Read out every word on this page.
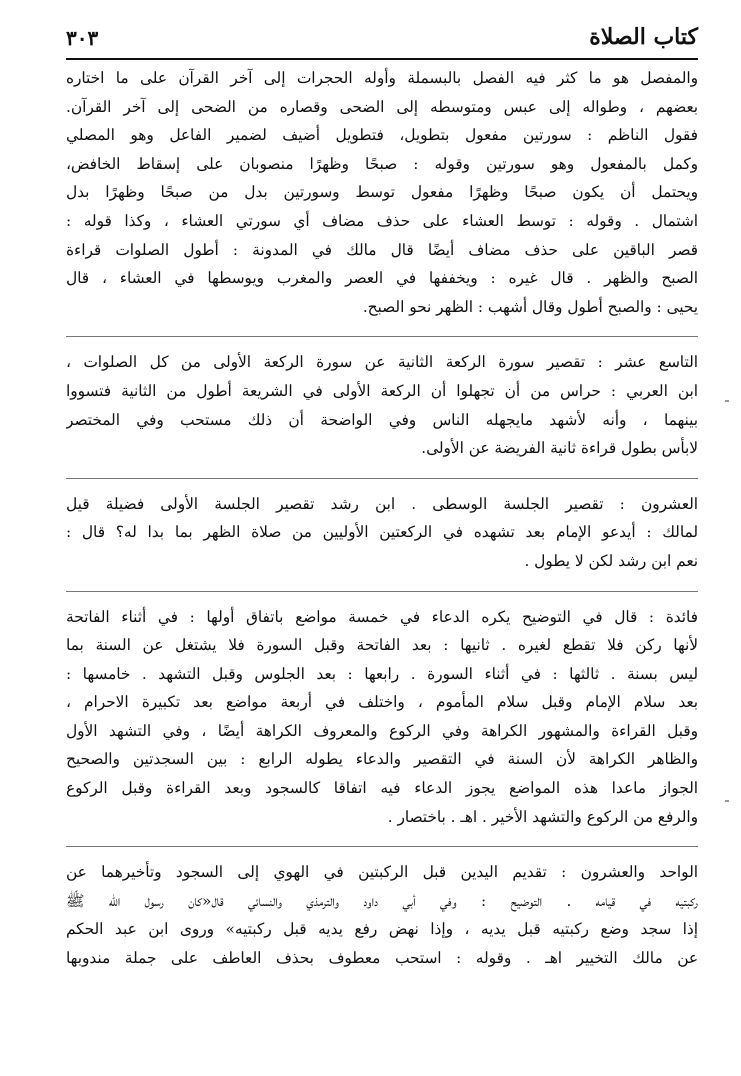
كتاب الصلاة
٣٠٣
والمفصل هو ما كثر فيه الفصل بالبسملة وأوله الحجرات إلى آخر القرآن على ما اختاره
بعضهم ، وطواله إلى عبس ومتوسطه إلى الضحى وقصاره من الضحى إلى آخر القرآن.
فقول الناظم : سورتين مفعول بتطويل، فتطويل أضيف لضمير الفاعل وهو المصلي
وكمل بالمفعول وهو سورتين وقوله : صبحًا وظهرًا منصوبان على إسقاط الخافض،
ويحتمل أن يكون صبحًا وظهرًا مفعول توسط وسورتين بدل من صبحًا وظهرًا بدل
اشتمال . وقوله : توسط العشاء على حذف مضاف أي سورتي العشاء ، وكذا قوله :
قصر الباقين على حذف مضاف أيضًا قال مالك في المدونة : أطول الصلوات قراءة
الصبح والظهر . قال غيره : ويخففها في العصر والمغرب ويوسطها في العشاء ، قال
يحيى : والصبح أطول وقال أشهب : الظهر نحو الصبح.
التاسع عشر : تقصير سورة الركعة الثانية عن سورة الركعة الأولى من كل الصلوات ،
ابن العربي : حراس من أن تجهلوا أن الركعة الأولى في الشريعة أطول من الثانية فتسووا
بينهما ، وأنه لأشهد مايجهله الناس وفي الواضحة أن ذلك مستحب وفي المختصر
لابأس بطول قراءة ثانية الفريضة عن الأولى.
العشرون : تقصير الجلسة الوسطى . ابن رشد تقصير الجلسة الأولى فضيلة قيل
لمالك : أيدعو الإمام بعد تشهده في الركعتين الأوليين من صلاة الظهر بما بدا له؟ قال :
نعم ابن رشد لكن لا يطول .
فائدة : قال في التوضيح يكره الدعاء في خمسة مواضع باتفاق أولها : في أثناء الفاتحة
لأنها ركن فلا تقطع لغيره . ثانيها : بعد الفاتحة وقبل السورة فلا يشتغل عن السنة بما
ليس بسنة . ثالثها : في أثناء السورة . رابعها : بعد الجلوس وقبل التشهد . خامسها :
بعد سلام الإمام وقبل سلام المأموم ، واختلف في أربعة مواضع بعد تكبيرة الاحرام ،
وقبل القراءة والمشهور الكراهة وفي الركوع والمعروف الكراهة أيضًا ، وفي التشهد الأول
والظاهر الكراهة لأن السنة في التقصير والدعاء يطوله الرابع : بين السجدتين والصحيح
الجواز ماعدا هذه المواضع يجوز الدعاء فيه اتفاقا كالسجود وبعد القراءة وقبل الركوع
والرفع من الركوع والتشهد الأخير . اهـ . باختصار .
الواحد والعشرون : تقديم اليدين قبل الركبتين في الهوي إلى السجود وتأخيرهما عن
ركبتيه في قيامه . التوضيح : وفي أبي داود والترمذي والنسائي قال«كان رسول الله ﷺ
إذا سجد وضع ركبتيه قبل يديه ، وإذا نهض رفع يديه قبل ركبتيه» وروى ابن عبد الحكم
عن مالك التخيير اهـ . وقوله : استحب معطوف بحذف العاطف على جملة مندوبها
